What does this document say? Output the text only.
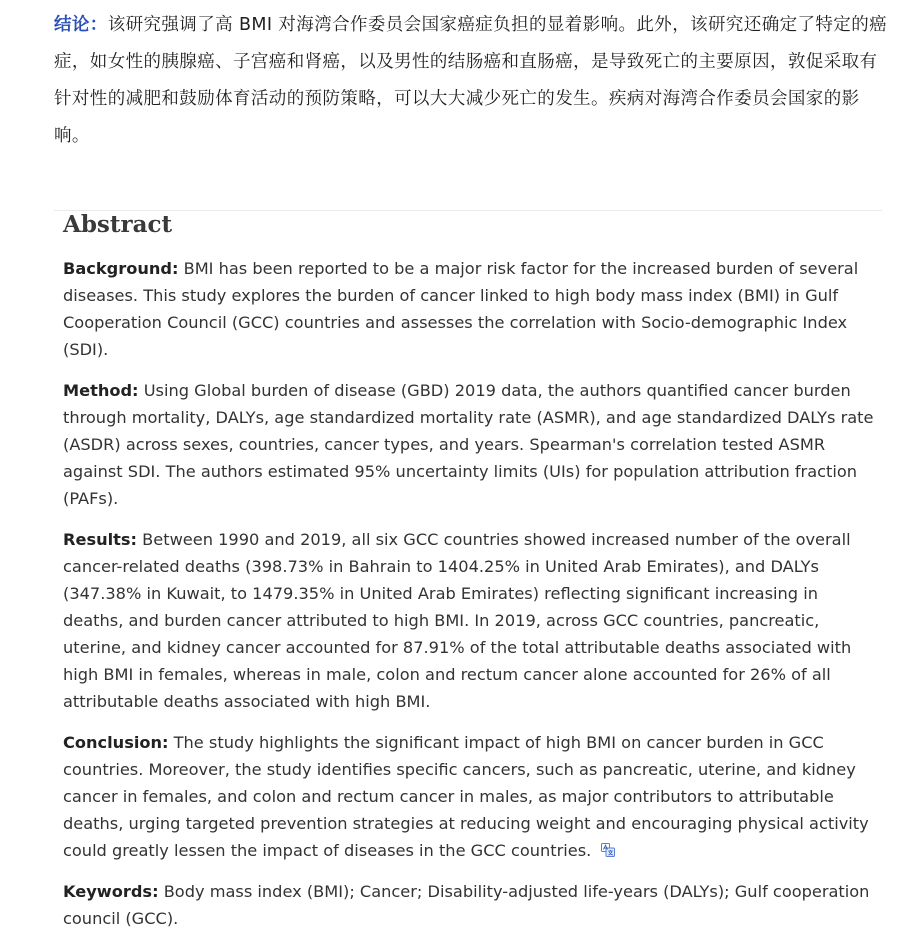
结论：该研究强调了高 BMI 对海湾合作委员会国家癌症负担的显着影响。此外，该研究还确定了特定的癌症，如女性的胰腺癌、子宫癌和肾癌，以及男性的结肠癌和直肠癌，是导致死亡的主要原因，敦促采取有针对性的减肥和鼓励体育活动的预防策略，可以大大减少死亡的发生。疾病对海湾合作委员会国家的影响。
Abstract

Background: BMI has been reported to be a major risk factor for the increased burden of several diseases. This study explores the burden of cancer linked to high body mass index (BMI) in Gulf Cooperation Council (GCC) countries and assesses the correlation with Socio-demographic Index (SDI).

Method: Using Global burden of disease (GBD) 2019 data, the authors quantified cancer burden through mortality, DALYs, age standardized mortality rate (ASMR), and age standardized DALYs rate (ASDR) across sexes, countries, cancer types, and years. Spearman's correlation tested ASMR against SDI. The authors estimated 95% uncertainty limits (UIs) for population attribution fraction (PAFs).

Results: Between 1990 and 2019, all six GCC countries showed increased number of the overall cancer-related deaths (398.73% in Bahrain to 1404.25% in United Arab Emirates), and DALYs (347.38% in Kuwait, to 1479.35% in United Arab Emirates) reflecting significant increasing in deaths, and burden cancer attributed to high BMI. In 2019, across GCC countries, pancreatic, uterine, and kidney cancer accounted for 87.91% of the total attributable deaths associated with high BMI in females, whereas in male, colon and rectum cancer alone accounted for 26% of all attributable deaths associated with high BMI.

Conclusion: The study highlights the significant impact of high BMI on cancer burden in GCC countries. Moreover, the study identifies specific cancers, such as pancreatic, uterine, and kidney cancer in females, and colon and rectum cancer in males, as major contributors to attributable deaths, urging targeted prevention strategies at reducing weight and encouraging physical activity could greatly lessen the impact of diseases in the GCC countries.

Keywords: Body mass index (BMI); Cancer; Disability-adjusted life-years (DALYs); Gulf cooperation council (GCC).
